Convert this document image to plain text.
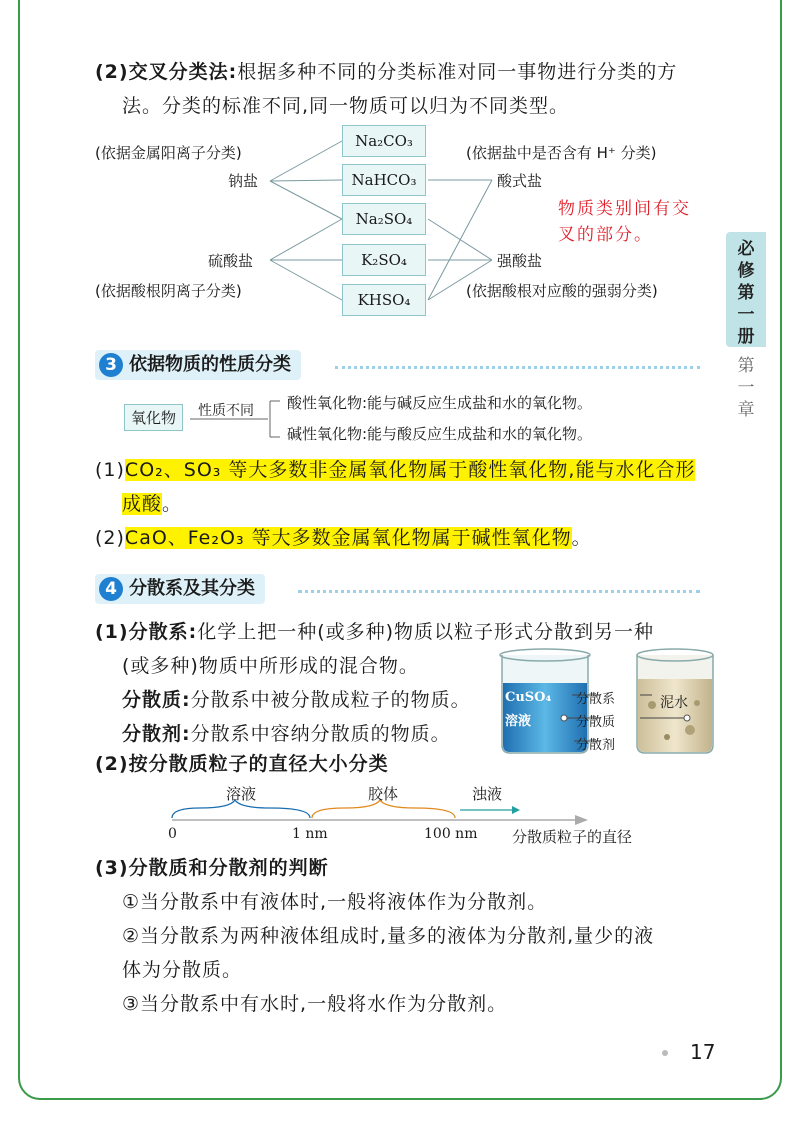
必
修
第
一
册
第
一
章
(2)交叉分类法:根据多种不同的分类标准对同一事物进行分类的方
法。分类的标准不同,同一物质可以归为不同类型。
Na₂CO₃
NaHCO₃
Na₂SO₄
K₂SO₄
KHSO₄
(依据金属阳离子分类)
钠盐
硫酸盐
(依据酸根阴离子分类)
(依据盐中是否含有 H⁺ 分类)
酸式盐
强酸盐
(依据酸根对应酸的强弱分类)
物质类别间有交
叉的部分。
依据物质的性质分类
3
氧化物	性质不同 酸性氧化物:能与碱反应生成盐和水的氧化物。
碱性氧化物:能与酸反应生成盐和水的氧化物。
(1)CO₂、SO₃ 等大多数非金属氧化物属于酸性氧化物,能与水化合形
成酸。
(2)CaO、Fe₂O₃ 等大多数金属氧化物属于碱性氧化物。
分散系及其分类
4
(1)分散系:化学上把一种(或多种)物质以粒子形式分散到另一种
(或多种)物质中所形成的混合物。
分散质:分散系中被分散成粒子的物质。
分散剂:分散系中容纳分散质的物质。
CuSO₄
溶液
泥水
分散系
分散质
分散剂
(2)按分散质粒子的直径大小分类
溶液	胶体	浊液
0	1 nm	100 nm 分散质粒子的直径
(3)分散质和分散剂的判断
①当分散系中有液体时,一般将液体作为分散剂。
②当分散系为两种液体组成时,量多的液体为分散剂,量少的液
体为分散质。
③当分散系中有水时,一般将水作为分散剂。
17
